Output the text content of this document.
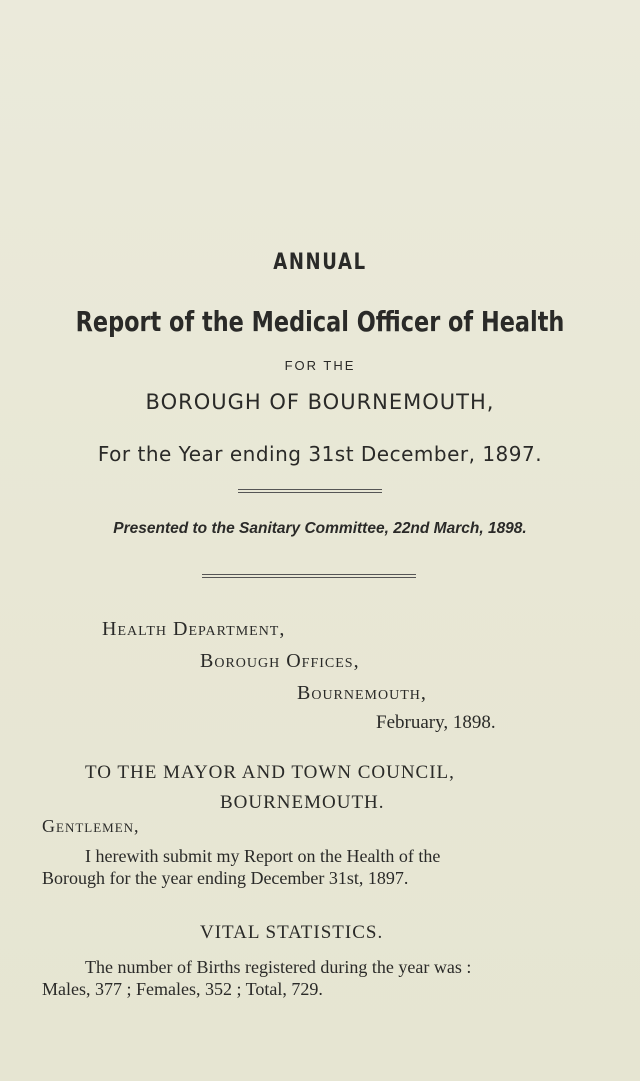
ANNUAL
Report of the Medical Officer of Health
FOR THE
BOROUGH OF BOURNEMOUTH,
For the Year ending 31st December, 1897.
Presented to the Sanitary Committee, 22nd March, 1898.
Health Department,
Borough Offices,
Bournemouth,
February, 1898.
TO THE MAYOR AND TOWN COUNCIL,
BOURNEMOUTH.
Gentlemen,
I herewith submit my Report on the Health of the
Borough for the year ending December 31st, 1897.
VITAL STATISTICS.
The number of Births registered during the year was :
Males, 377 ; Females, 352 ; Total, 729.
